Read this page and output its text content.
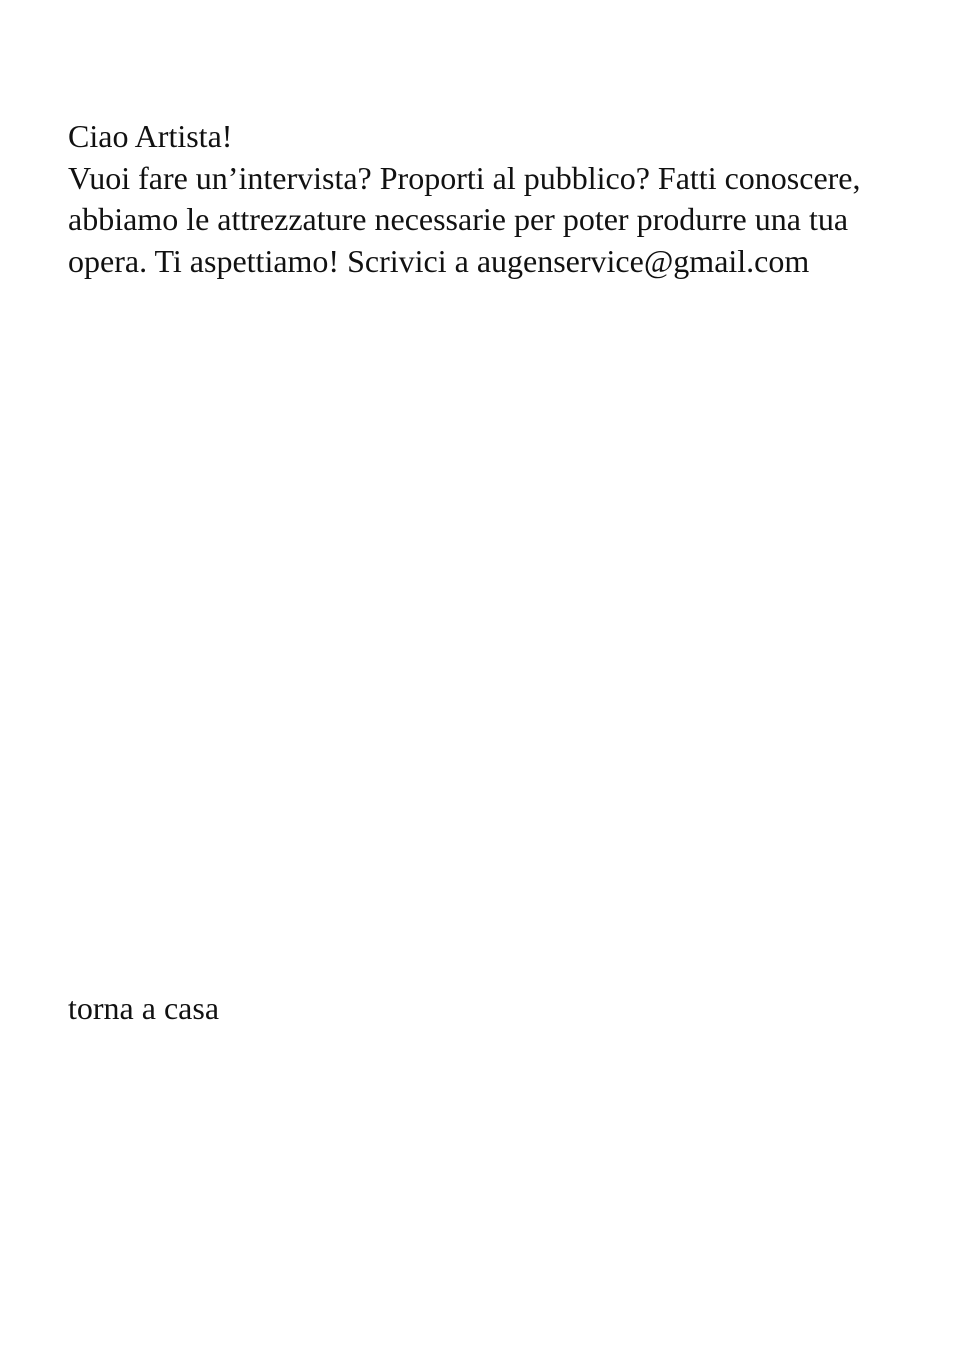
Ciao Artista!
Vuoi fare un’intervista? Proporti al pubblico? Fatti conoscere,
abbiamo le attrezzature necessarie per poter produrre una tua
opera. Ti aspettiamo! Scrivici a augenservice@gmail.com
torna a casa
